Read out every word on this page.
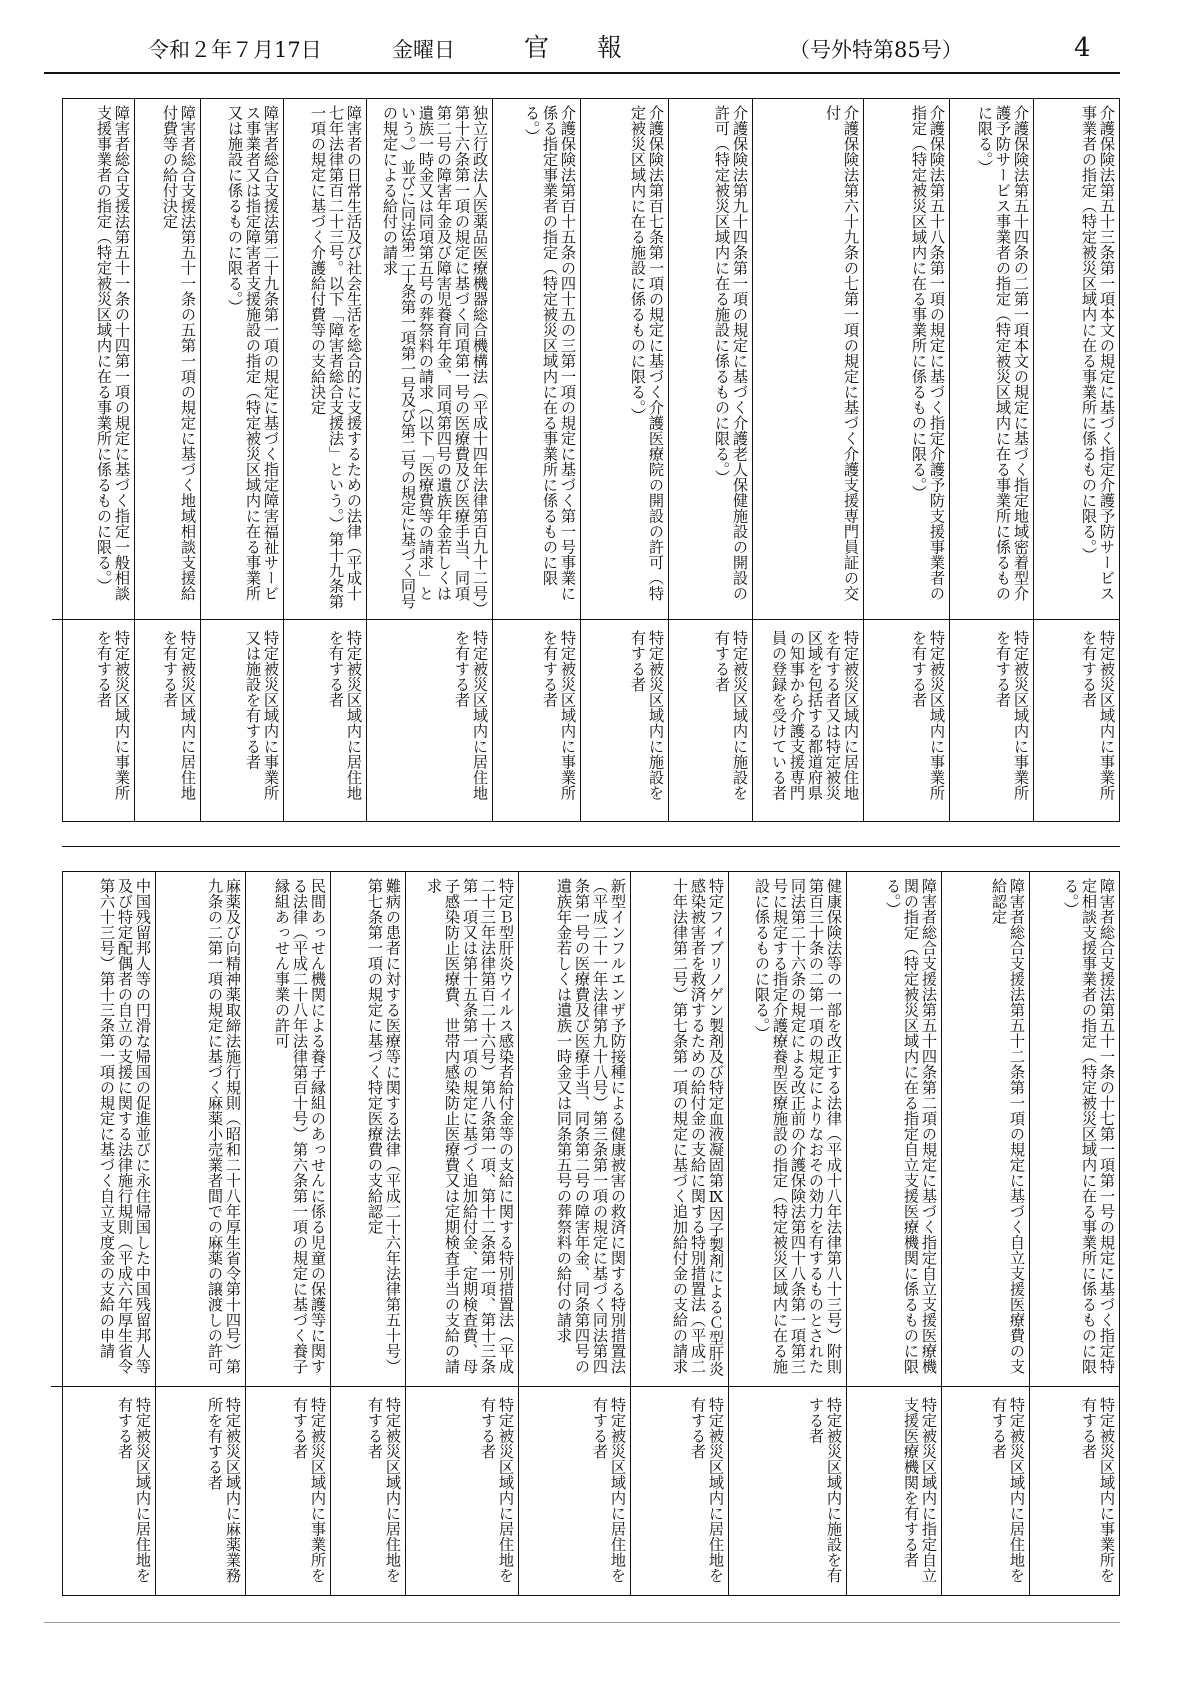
令和２年７月17日	金曜日	官報	（号外特第85号）	4
介護保険法第五十三条第一項本文の規定に基づく指定介護予防サービス事業者の指定（特定被災区域内に在る事業所に係るものに限る。）
特定被災区域内に事業所を有する者
介護保険法第五十四条の二第一項本文の規定に基づく指定地域密着型介護予防サービス事業者の指定（特定被災区域内に在る事業所に係るものに限る。）
特定被災区域内に事業所を有する者
介護保険法第五十八条第一項の規定に基づく指定介護予防支援事業者の指定（特定被災区域内に在る事業所に係るものに限る。）
特定被災区域内に事業所を有する者
介護保険法第六十九条の七第一項の規定に基づく介護支援専門員証の交付
特定被災区域内に居住地を有する者又は特定被災区域を包括する都道府県の知事から介護支援専門員の登録を受けている者
介護保険法第九十四条第一項の規定に基づく介護老人保健施設の開設の許可（特定被災区域内に在る施設に係るものに限る。）
特定被災区域内に施設を有する者
介護保険法第百七条第一項の規定に基づく介護医療院の開設の許可（特定被災区域内に在る施設に係るものに限る。）
特定被災区域内に施設を有する者
介護保険法第百十五条の四十五の三第一項の規定に基づく第一号事業に係る指定事業者の指定（特定被災区域内に在る事業所に係るものに限る。）
特定被災区域内に事業所を有する者
独立行政法人医薬品医療機器総合機構法（平成十四年法律第百九十二号）第十六条第一項の規定に基づく同項第一号の医療費及び医療手当、同項第二号の障害年金及び障害児養育年金、同項第四号の遺族年金若しくは遺族一時金又は同項第五号の葬祭料の請求（以下「医療費等の請求」という。）並びに同法第二十条第一項第一号及び第二号の規定に基づく同号の規定による給付の請求
特定被災区域内に居住地を有する者
障害者の日常生活及び社会生活を総合的に支援するための法律（平成十七年法律第百二十三号。以下「障害者総合支援法」という。）第十九条第一項の規定に基づく介護給付費等の支給決定
特定被災区域内に居住地を有する者
障害者総合支援法第二十九条第一項の規定に基づく指定障害福祉サービス事業者又は指定障害者支援施設の指定（特定被災区域内に在る事業所又は施設に係るものに限る。）
特定被災区域内に事業所又は施設を有する者
障害者総合支援法第五十一条の五第一項の規定に基づく地域相談支援給付費等の給付決定
特定被災区域内に居住地を有する者
障害者総合支援法第五十一条の十四第一項の規定に基づく指定一般相談支援事業者の指定（特定被災区域内に在る事業所に係るものに限る。）
特定被災区域内に事業所を有する者
障害者総合支援法第五十一条の十七第一項第一号の規定に基づく指定特定相談支援事業者の指定（特定被災区域内に在る事業所に係るものに限る。）
特定被災区域内に事業所を有する者
障害者総合支援法第五十二条第一項の規定に基づく自立支援医療費の支給認定
特定被災区域内に居住地を有する者
障害者総合支援法第五十四条第二項の規定に基づく指定自立支援医療機関の指定（特定被災区域内に在る指定自立支援医療機関に係るものに限る。）
特定被災区域内に指定自立支援医療機関を有する者
健康保険法等の一部を改正する法律（平成十八年法律第八十三号）附則第百三十条の二第一項の規定によりなおその効力を有するものとされた同法第二十六条の規定による改正前の介護保険法第四十八条第一項第三号に規定する指定介護療養型医療施設の指定（特定被災区域内に在る施設に係るものに限る。）
特定被災区域内に施設を有する者
特定フィブリノゲン製剤及び特定血液凝固第Ⅸ因子製剤によるＣ型肝炎感染被害者を救済するための給付金の支給に関する特別措置法（平成二十年法律第二号）第七条第一項の規定に基づく追加給付金の支給の請求
特定被災区域内に居住地を有する者
新型インフルエンザ予防接種による健康被害の救済に関する特別措置法（平成二十一年法律第九十八号）第三条第一項の規定に基づく同法第四条第一号の医療費及び医療手当、同条第二号の障害年金、同条第四号の遺族年金若しくは遺族一時金又は同条第五号の葬祭料の給付の請求
特定被災区域内に居住地を有する者
特定Ｂ型肝炎ウイルス感染者給付金等の支給に関する特別措置法（平成二十三年法律第百二十六号）第八条第一項、第十二条第一項、第十三条第一項又は第十五条第一項の規定に基づく追加給付金、定期検査費、母子感染防止医療費、世帯内感染防止医療費又は定期検査手当の支給の請求
特定被災区域内に居住地を有する者
難病の患者に対する医療等に関する法律（平成二十六年法律第五十号）第七条第一項の規定に基づく特定医療費の支給認定
特定被災区域内に居住地を有する者
民間あっせん機関による養子縁組のあっせんに係る児童の保護等に関する法律（平成二十八年法律第百十号）第六条第一項の規定に基づく養子縁組あっせん事業の許可
特定被災区域内に事業所を有する者
麻薬及び向精神薬取締法施行規則（昭和二十八年厚生省令第十四号）第九条の二第一項の規定に基づく麻薬小売業者間での麻薬の譲渡しの許可
特定被災区域内に麻薬業務所を有する者
中国残留邦人等の円滑な帰国の促進並びに永住帰国した中国残留邦人等及び特定配偶者の自立の支援に関する法律施行規則（平成六年厚生省令第六十三号）第十三条第一項の規定に基づく自立支度金の支給の申請
特定被災区域内に居住地を有する者
